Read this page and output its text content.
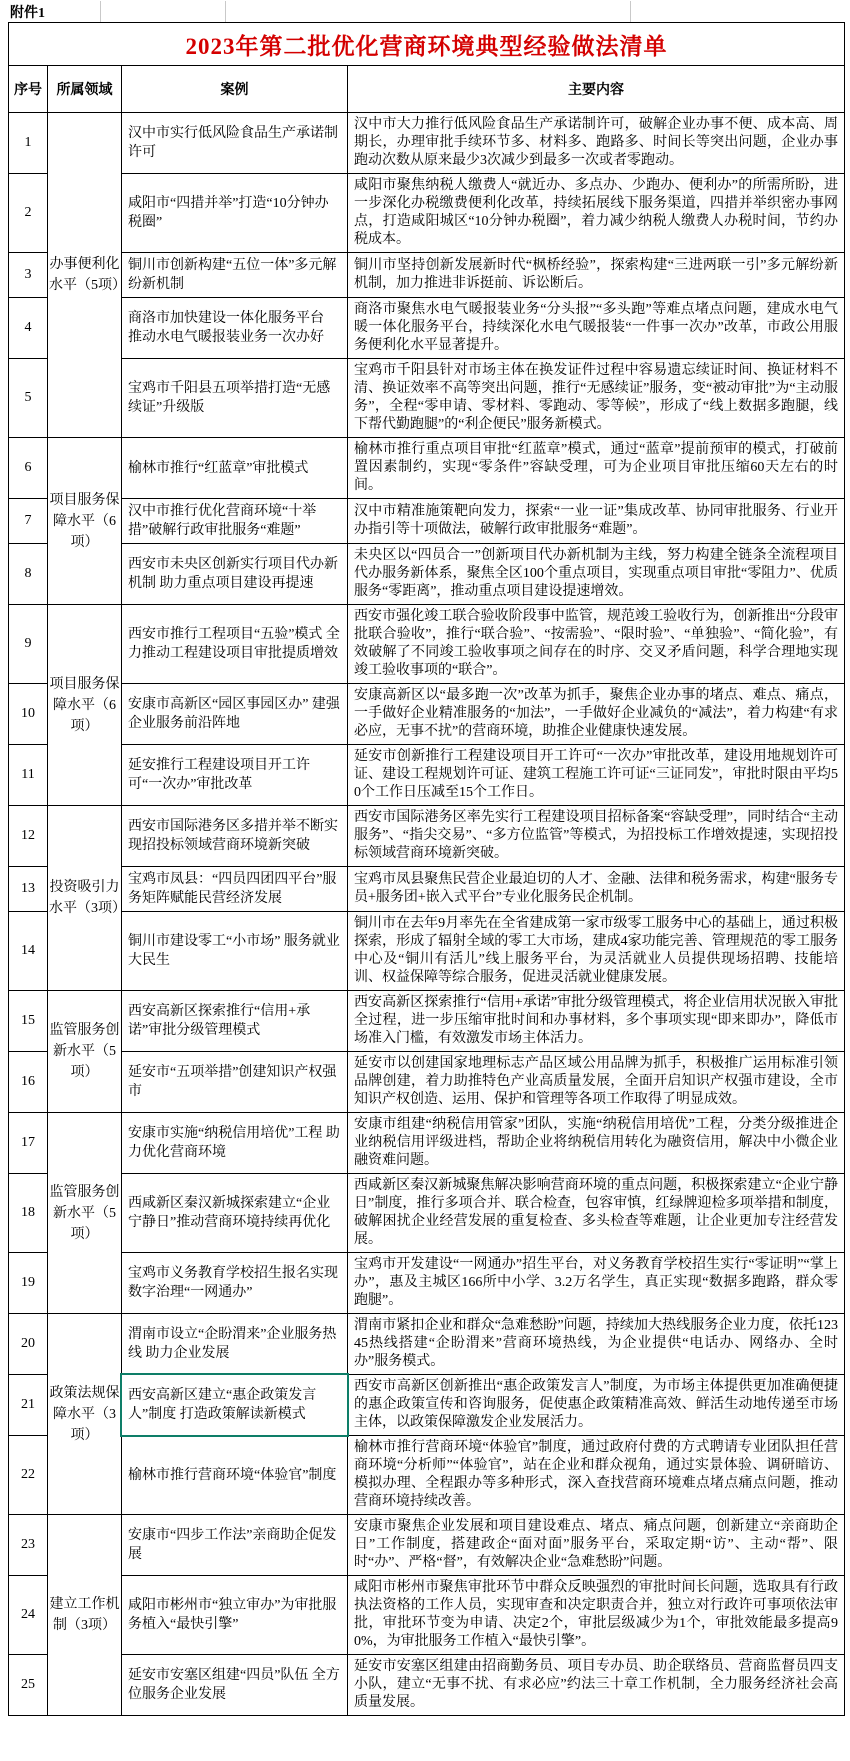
附件1
2023年第二批优化营商环境典型经验做法清单			
序号	所属领域	案例	主要内容
1	办事便利化水平（5项）	汉中市实行低风险食品生产承诺制许可	汉中市大力推行低风险食品生产承诺制许可，破解企业办事不便、成本高、周期长，办理审批手续环节多、材料多、跑路多、时间长等突出问题，企业办事跑动次数从原来最少3次减少到最多一次或者零跑动。
2		咸阳市“四措并举”打造“10分钟办税圈”	咸阳市聚焦纳税人缴费人“就近办、多点办、少跑办、便利办”的所需所盼，进一步深化办税缴费便利化改革，持续拓展线下服务渠道，四措并举织密办事网点，打造咸阳城区“10分钟办税圈”，着力减少纳税人缴费人办税时间，节约办税成本。
3		铜川市创新构建“五位一体”多元解纷新机制	铜川市坚持创新发展新时代“枫桥经验”，探索构建“三进两联一引”多元解纷新机制，加力推进非诉挺前、诉讼断后。
4		商洛市加快建设一体化服务平台 推动水电气暖报装业务一次办好	商洛市聚焦水电气暖报装业务“分头报”“多头跑”等难点堵点问题，建成水电气暖一体化服务平台，持续深化水电气暖报装“一件事一次办”改革，市政公用服务便利化水平显著提升。
5		宝鸡市千阳县五项举措打造“无感续证”升级版	宝鸡市千阳县针对市场主体在换发证件过程中容易遗忘续证时间、换证材料不清、换证效率不高等突出问题，推行“无感续证”服务，变“被动审批”为“主动服务”，全程“零申请、零材料、零跑动、零等候”，形成了“线上数据多跑腿，线下帮代勤跑腿”的“利企便民”服务新模式。
6	项目服务保障水平（6项）	榆林市推行“红蓝章”审批模式	榆林市推行重点项目审批“红蓝章”模式，通过“蓝章”提前预审的模式，打破前置因素制约，实现“零条件”容缺受理，可为企业项目审批压缩60天左右的时间。
7		汉中市推行优化营商环境“十举措”破解行政审批服务“难题”	汉中市精准施策靶向发力，探索“一业一证”集成改革、协同审批服务、行业开办指引等十项做法，破解行政审批服务“难题”。
8		西安市未央区创新实行项目代办新机制 助力重点项目建设再提速	未央区以“四员合一”创新项目代办新机制为主线，努力构建全链条全流程项目代办服务新体系，聚焦全区100个重点项目，实现重点项目审批“零阻力”、优质服务“零距离”，推动重点项目建设提速增效。
9	项目服务保障水平（6项）	西安市推行工程项目“五验”模式 全力推动工程建设项目审批提质增效	西安市强化竣工联合验收阶段事中监管，规范竣工验收行为，创新推出“分段审批联合验收”，推行“联合验”、“按需验”、“限时验”、“单独验”、“简化验”，有效破解了不同竣工验收事项之间存在的时序、交叉矛盾问题，科学合理地实现竣工验收事项的“联合”。
10		安康市高新区“园区事园区办” 建强企业服务前沿阵地	安康高新区以“最多跑一次”改革为抓手，聚焦企业办事的堵点、难点、痛点，一手做好企业精准服务的“加法”，一手做好企业减负的“减法”，着力构建“有求必应，无事不扰”的营商环境，助推企业健康快速发展。
11		延安推行工程建设项目开工许可“一次办”审批改革	延安市创新推行工程建设项目开工许可“一次办”审批改革，建设用地规划许可证、建设工程规划许可证、建筑工程施工许可证“三证同发”，审批时限由平均50个工作日压减至15个工作日。
12	投资吸引力水平（3项）	西安市国际港务区多措并举不断实现招投标领域营商环境新突破	西安市国际港务区率先实行工程建设项目招标备案“容缺受理”，同时结合“主动服务”、“指尖交易”、“多方位监管”等模式，为招投标工作增效提速，实现招投标领域营商环境新突破。
13		宝鸡市凤县：“四员四团四平台”服务矩阵赋能民营经济发展	宝鸡市凤县聚焦民营企业最迫切的人才、金融、法律和税务需求，构建“服务专员+服务团+嵌入式平台”专业化服务民企机制。
14		铜川市建设零工“小市场” 服务就业大民生	铜川市在去年9月率先在全省建成第一家市级零工服务中心的基础上，通过积极探索，形成了辐射全域的零工大市场，建成4家功能完善、管理规范的零工服务中心及“铜川有活儿”线上服务平台，为灵活就业人员提供现场招聘、技能培训、权益保障等综合服务，促进灵活就业健康发展。
15	监管服务创新水平（5项）	西安高新区探索推行“信用+承诺”审批分级管理模式	西安高新区探索推行“信用+承诺”审批分级管理模式，将企业信用状况嵌入审批全过程，进一步压缩审批时间和办事材料，多个事项实现“即来即办”，降低市场准入门槛，有效激发市场主体活力。
16		延安市“五项举措”创建知识产权强市	延安市以创建国家地理标志产品区域公用品牌为抓手，积极推广运用标准引领品牌创建，着力助推特色产业高质量发展，全面开启知识产权强市建设，全市知识产权创造、运用、保护和管理等各项工作取得了明显成效。
17	监管服务创新水平（5项）	安康市实施“纳税信用培优”工程 助力优化营商环境	安康市组建“纳税信用管家”团队，实施“纳税信用培优”工程，分类分级推进企业纳税信用评级进档，帮助企业将纳税信用转化为融资信用，解决中小微企业融资难问题。
18		西咸新区秦汉新城探索建立“企业宁静日”推动营商环境持续再优化	西咸新区秦汉新城聚焦解决影响营商环境的重点问题，积极探索建立“企业宁静日”制度，推行多项合并、联合检查，包容审慎，红绿牌迎检多项举措和制度，破解困扰企业经营发展的重复检查、多头检查等难题，让企业更加专注经营发展。
19		宝鸡市义务教育学校招生报名实现数字治理“一网通办”	宝鸡市开发建设“一网通办”招生平台，对义务教育学校招生实行“零证明”“掌上办”，惠及主城区166所中小学、3.2万名学生，真正实现“数据多跑路，群众零跑腿”。
20	政策法规保障水平（3项）	渭南市设立“企盼渭来”企业服务热线 助力企业发展	渭南市紧扣企业和群众“急难愁盼”问题，持续加大热线服务企业力度，依托12345热线搭建“企盼渭来”营商环境热线，为企业提供“电话办、网络办、全时办”服务模式。
21		西安高新区建立“惠企政策发言人”制度 打造政策解读新模式	西安市高新区创新推出“惠企政策发言人”制度，为市场主体提供更加准确便捷的惠企政策宣传和咨询服务，促使惠企政策精准高效、鲜活生动地传递至市场主体，以政策保障激发企业发展活力。
22		榆林市推行营商环境“体验官”制度	榆林市推行营商环境“体验官”制度，通过政府付费的方式聘请专业团队担任营商环境“分析师”“体验官”，站在企业和群众视角，通过实景体验、调研暗访、模拟办理、全程跟办等多种形式，深入查找营商环境难点堵点痛点问题，推动营商环境持续改善。
23	建立工作机制（3项）	安康市“四步工作法”亲商助企促发展	安康市聚焦企业发展和项目建设难点、堵点、痛点问题，创新建立“亲商助企日”工作制度，搭建政企“面对面”服务平台，采取定期“访”、主动“帮”、限时“办”、严格“督”，有效解决企业“急难愁盼”问题。
24		咸阳市彬州市“独立审办”为审批服务植入“最快引擎”	咸阳市彬州市聚焦审批环节中群众反映强烈的审批时间长问题，选取具有行政执法资格的工作人员，实现审查和决定职责合并，独立对行政许可事项依法审批，审批环节变为申请、决定2个，审批层级减少为1个，审批效能最多提高90%，为审批服务工作植入“最快引擎”。
25		延安市安塞区组建“四员”队伍 全方位服务企业发展	延安市安塞区组建由招商勤务员、项目专办员、助企联络员、营商监督员四支小队，建立“无事不扰、有求必应”约法三十章工作机制，全力服务经济社会高质量发展。
